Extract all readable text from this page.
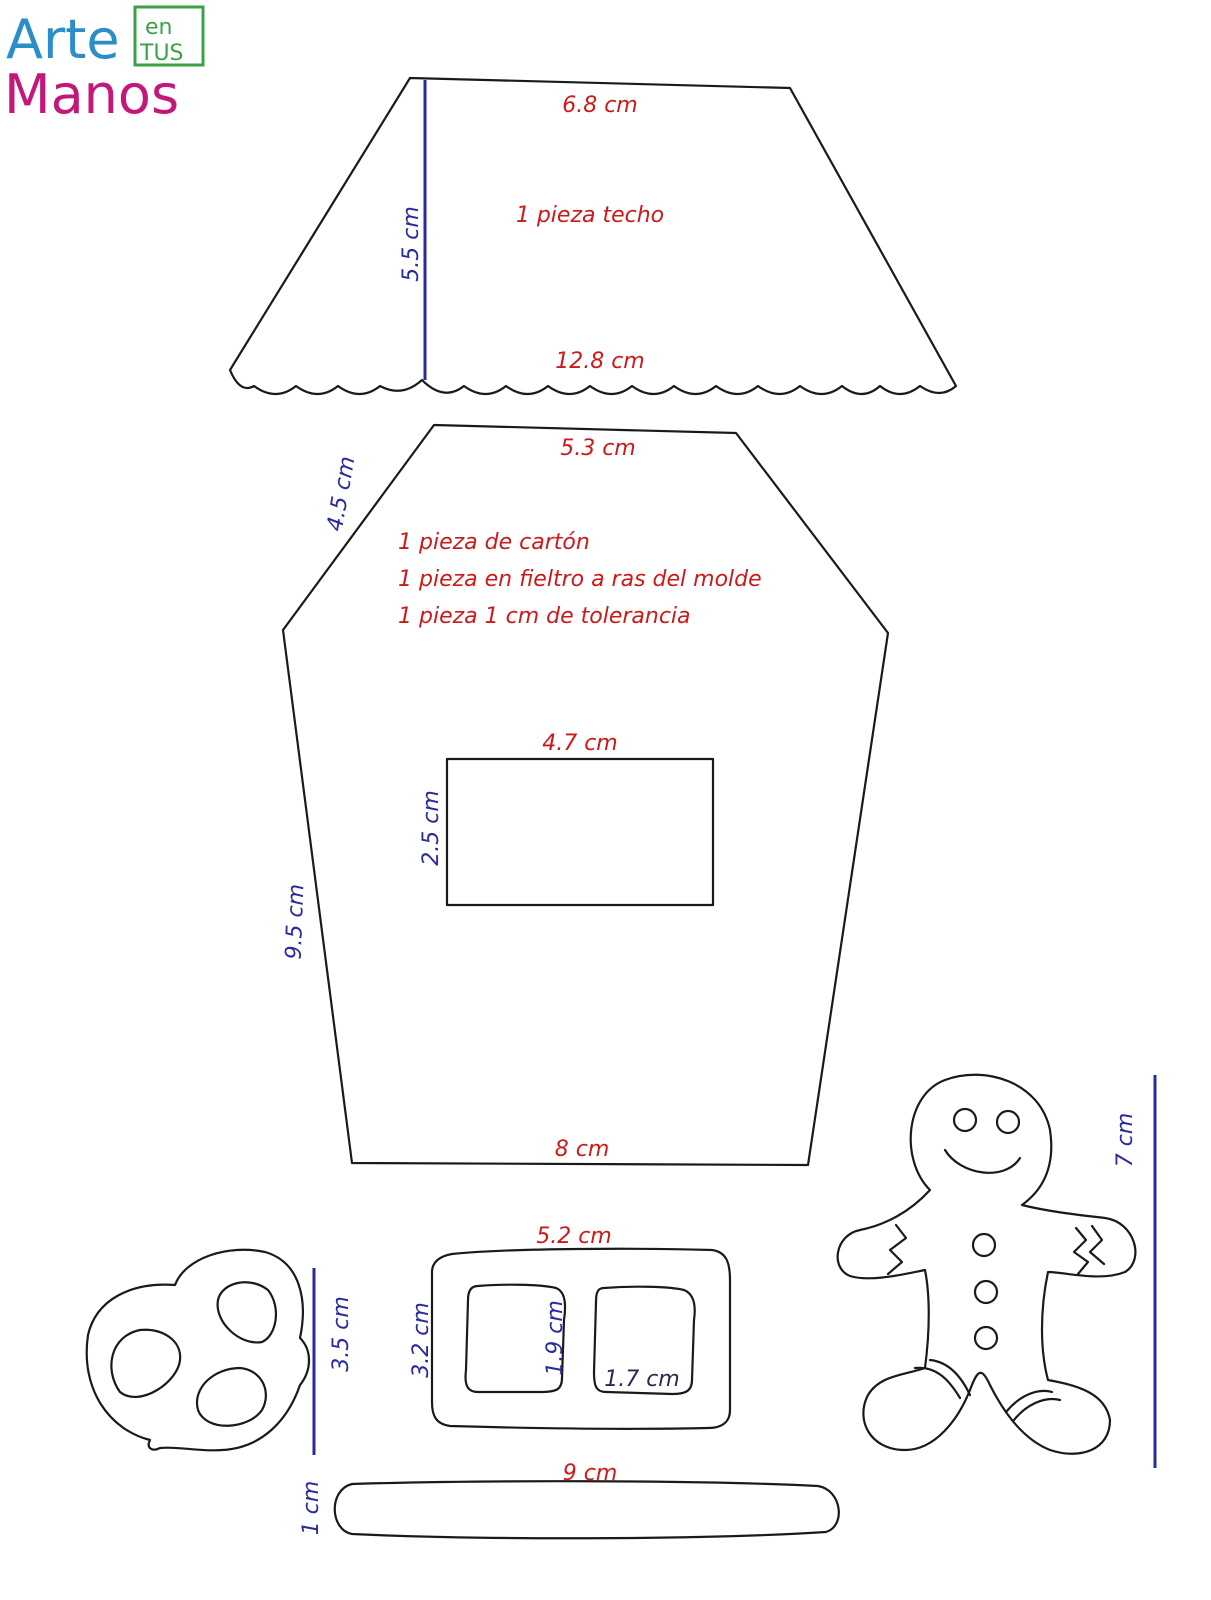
Arte en
TUS
Manos	6.8 cm
1 pieza techo
12.8 cm
5.5 cm
5.3 cm
4.5 cm
1 pieza de cartón
1 pieza en fieltro a ras del molde
1 pieza 1 cm de tolerancia
4.7 cm
2.5 cm
9.5 cm
8 cm
3.5 cm
5.2 cm
3.2 cm	1.9 cm
1.7 cm
9 cm
1 cm
7 cm
